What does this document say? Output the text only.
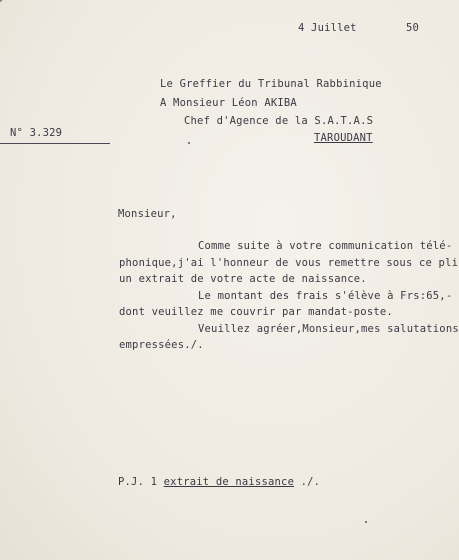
4 Juillet	50
Le Greffier du Tribunal Rabbinique
A Monsieur Léon AKIBA
Chef d'Agence de la S.A.T.A.S
TAROUDANT
N° 3.329
Monsieur,
Comme suite à votre communication télé-
phonique,j'ai l'honneur de vous remettre sous ce pli
un extrait de votre acte de naissance.
Le montant des frais s'élève à Frs:65,-
dont veuillez me couvrir par mandat-poste.
Veuillez agréer,Monsieur,mes salutations
empressées./.
P.J. 1 extrait de naissance ./.
